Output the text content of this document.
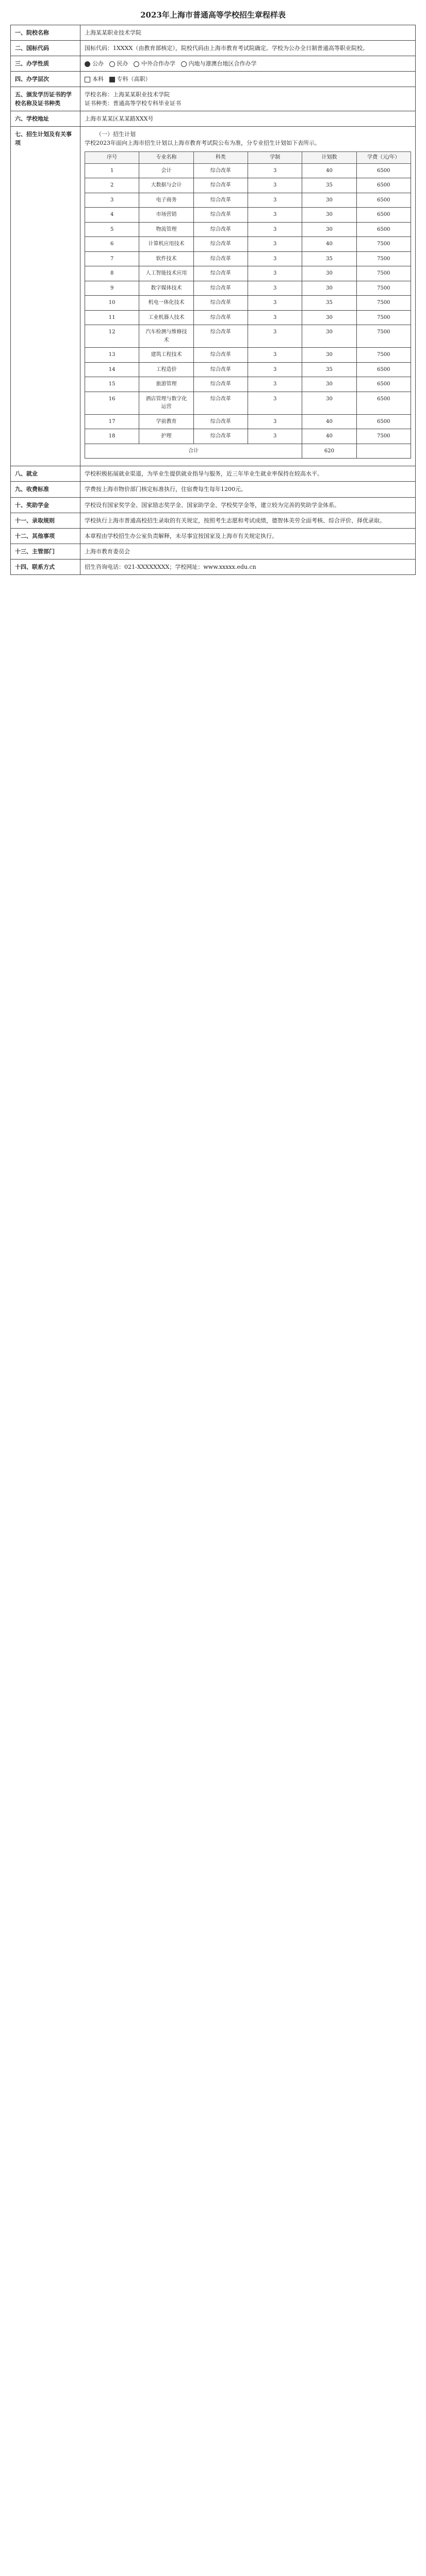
2023年上海市普通高等学校招生章程样表
一、院校名称	上海某某职业技术学院
二、国标代码	国标代码：1XXXX（由教育部核定），院校代码由上海市教育考试院确定。学校为公办全日制普通高等职业院校。
三、办学性质	公办 民办 中外合作办学 内地与港澳台地区合作办学
四、办学层次	本科 专科（高职）
五、颁发学历证书的学校名称及证书种类	
学校名称：上海某某职业技术学院
证书种类：普通高等学校专科毕业证书

六、学校地址	上海市某某区某某路XXX号
七、招生计划及有关事项	

（一）招生计划
学校2023年面向上海市招生计划以上海市教育考试院公布为准，分专业招生计划如下表所示。

序号	专业名称	科类	学制	计划数	学费（元/年）
1	会计	综合改革	3	40	6500
2	大数据与会计	综合改革	3	35	6500
3	电子商务	综合改革	3	30	6500
4	市场营销	综合改革	3	30	6500
5	物流管理	综合改革	3	30	6500
6	计算机应用技术	综合改革	3	40	7500
7	软件技术	综合改革	3	35	7500
8	人工智能技术应用	综合改革	3	30	7500
9	数字媒体技术	综合改革	3	30	7500
10	机电一体化技术	综合改革	3	35	7500
11	工业机器人技术	综合改革	3	30	7500
12	汽车检测与维修技术	综合改革	3	30	7500
13	建筑工程技术	综合改革	3	30	7500
14	工程造价	综合改革	3	35	6500
15	旅游管理	综合改革	3	30	6500
16	酒店管理与数字化运营	综合改革	3	30	6500
17	学前教育	综合改革	3	40	6500
18	护理	综合改革	3	40	7500
合计	620	

八、就业	学校积极拓展就业渠道，为毕业生提供就业指导与服务，近三年毕业生就业率保持在较高水平。
九、收费标准	学费按上海市物价部门核定标准执行，住宿费每生每年1200元。
十、奖助学金	学校设有国家奖学金、国家励志奖学金、国家助学金、学校奖学金等，建立较为完善的奖助学金体系。
十一、录取规则	学校执行上海市普通高校招生录取的有关规定，按照考生志愿和考试成绩，德智体美劳全面考核、综合评价、择优录取。
十二、其他事项	本章程由学校招生办公室负责解释，未尽事宜按国家及上海市有关规定执行。
十三、主管部门	上海市教育委员会
十四、联系方式	招生咨询电话：021-XXXXXXXX；学校网址：www.xxxxx.edu.cn
